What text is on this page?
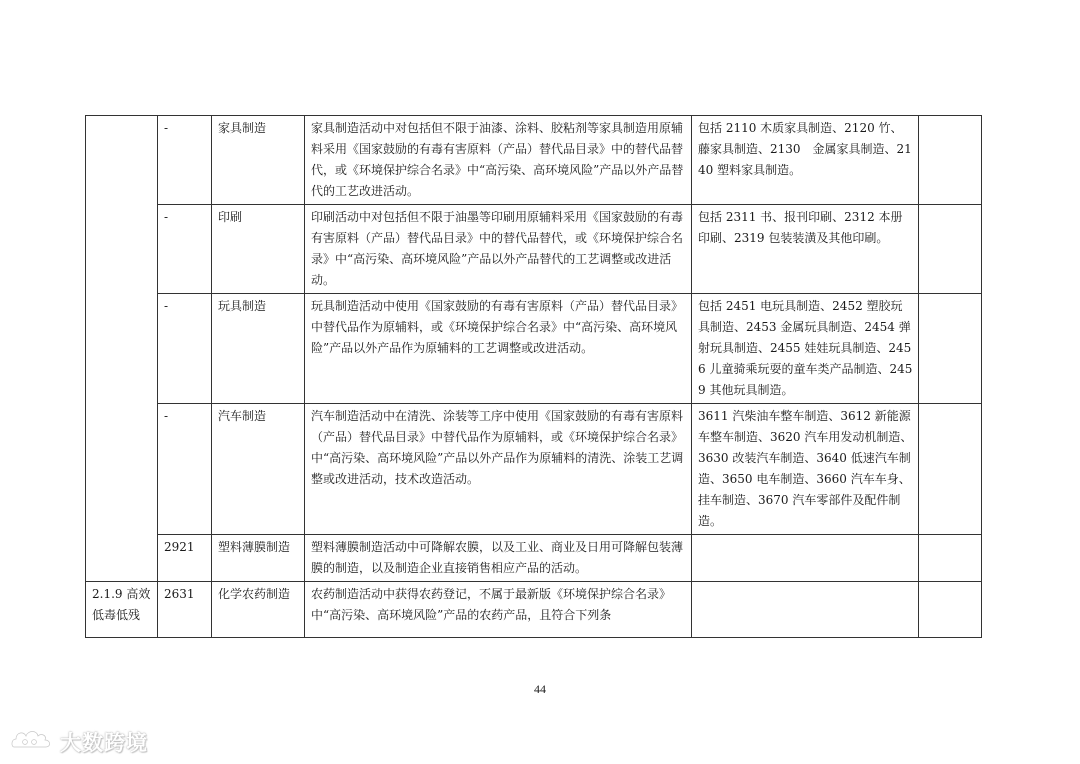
	-	家具制造	家具制造活动中对包括但不限于油漆、涂料、胶粘剂等家具制造用原辅料采用《国家鼓励的有毒有害原料（产品）替代品目录》中的替代品替代，或《环境保护综合名录》中“高污染、高环境风险”产品以外产品替代的工艺改进活动。	包括 2110 木质家具制造、2120 竹、藤家具制造、2130　金属家具制造、2140 塑料家具制造。	
	-	印刷	印刷活动中对包括但不限于油墨等印刷用原辅料采用《国家鼓励的有毒有害原料（产品）替代品目录》中的替代品替代，或《环境保护综合名录》中“高污染、高环境风险”产品以外产品替代的工艺调整或改进活动。	包括 2311 书、报刊印刷、2312 本册印刷、2319 包装装潢及其他印刷。	
	-	玩具制造	玩具制造活动中使用《国家鼓励的有毒有害原料（产品）替代品目录》中替代品作为原辅料，或《环境保护综合名录》中“高污染、高环境风险”产品以外产品作为原辅料的工艺调整或改进活动。	包括 2451 电玩具制造、2452 塑胶玩具制造、2453 金属玩具制造、2454 弹射玩具制造、2455 娃娃玩具制造、2456 儿童骑乘玩耍的童车类产品制造、2459 其他玩具制造。	
	-	汽车制造	汽车制造活动中在清洗、涂装等工序中使用《国家鼓励的有毒有害原料（产品）替代品目录》中替代品作为原辅料，或《环境保护综合名录》中“高污染、高环境风险”产品以外产品作为原辅料的清洗、涂装工艺调整或改进活动，技术改造活动。	3611 汽柴油车整车制造、3612 新能源车整车制造、3620 汽车用发动机制造、3630 改装汽车制造、3640 低速汽车制造、3650 电车制造、3660 汽车车身、挂车制造、3670 汽车零部件及配件制造。	
	2921	塑料薄膜制造	塑料薄膜制造活动中可降解农膜，以及工业、商业及日用可降解包装薄膜的制造，以及制造企业直接销售相应产品的活动。		
2.1.9 高效低毒低残	2631	化学农药制造	农药制造活动中获得农药登记，不属于最新版《环境保护综合名录》中“高污染、高环境风险”产品的农药产品，且符合下列条		
44
大数跨境
